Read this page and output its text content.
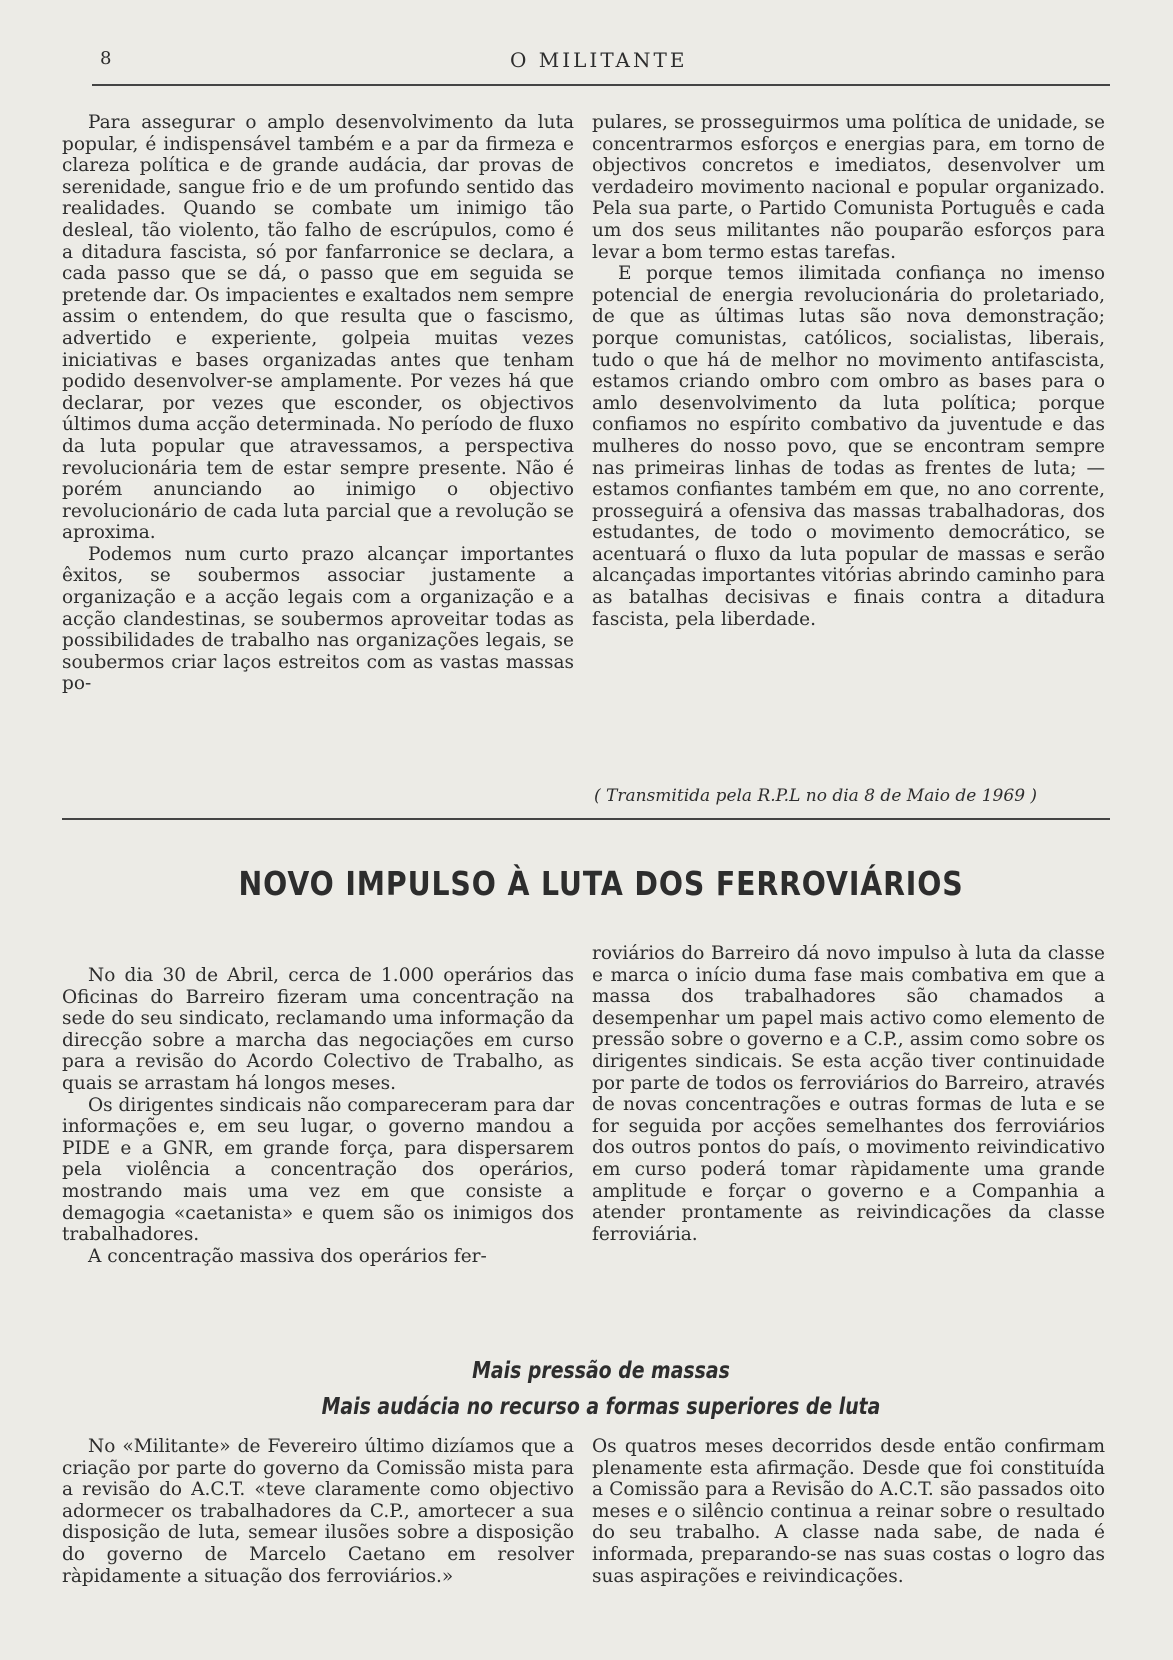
8	O MILITANTE

Para assegurar o amplo desenvolvimento da luta popular, é indispensável também e a par da firmeza e clareza política e de grande audácia, dar provas de serenidade, sangue frio e de um profundo sentido das realidades. Quando se combate um inimigo tão desleal, tão violento, tão falho de escrúpulos, como é a ditadura fascista, só por fanfarronice se declara, a cada passo que se dá, o passo que em seguida se pretende dar. Os impacientes e exaltados nem sempre assim o entendem, do que resulta que o fascismo, advertido e experiente, golpeia muitas vezes iniciativas e bases organizadas antes que tenham podido desenvolver-se amplamente. Por vezes há que declarar, por vezes que esconder, os objectivos últimos duma acção determinada. No período de fluxo da luta popular que atravessamos, a perspectiva revolucionária tem de estar sempre presente. Não é porém anunciando ao inimigo o objectivo revolucionário de cada luta parcial que a revolução se aproxima.

Podemos num curto prazo alcançar importantes êxitos, se soubermos associar justamente a organização e a acção legais com a organização e a acção clandestinas, se soubermos aproveitar todas as possibilidades de trabalho nas organizações legais, se soubermos criar laços estreitos com as vastas massas po-

pulares, se prosseguirmos uma política de unidade, se concentrarmos esforços e energias para, em torno de objectivos concretos e imediatos, desenvolver um verdadeiro movimento nacional e popular organizado. Pela sua parte, o Partido Comunista Português e cada um dos seus militantes não pouparão esforços para levar a bom termo estas tarefas.

E porque temos ilimitada confiança no imenso potencial de energia revolucionária do proletariado, de que as últimas lutas são nova demonstração; porque comunistas, católicos, socialistas, liberais, tudo o que há de melhor no movimento antifascista, estamos criando ombro com ombro as bases para o amlo desenvolvimento da luta política; porque confiamos no espírito combativo da juventude e das mulheres do nosso povo, que se encontram sempre nas primeiras linhas de todas as frentes de luta; — estamos confiantes também em que, no ano corrente, prosseguirá a ofensiva das massas trabalhadoras, dos estudantes, de todo o movimento democrático, se acentuará o fluxo da luta popular de massas e serão alcançadas importantes vitórias abrindo caminho para as batalhas decisivas e finais contra a ditadura fascista, pela liberdade.

( Transmitida pela R.P.L no dia 8 de Maio de 1969 )
NOVO IMPULSO À LUTA DOS FERROVIÁRIOS

No dia 30 de Abril, cerca de 1.000 operários das Oficinas do Barreiro fizeram uma concentração na sede do seu sindicato, reclamando uma informação da direcção sobre a marcha das negociações em curso para a revisão do Acordo Colectivo de Trabalho, as quais se arrastam há longos meses.

Os dirigentes sindicais não compareceram para dar informações e, em seu lugar, o governo mandou a PIDE e a GNR, em grande força, para dispersarem pela violência a concentração dos operários, mostrando mais uma vez em que consiste a demagogia «caetanista» e quem são os inimigos dos trabalhadores.

A concentração massiva dos operários fer-

roviários do Barreiro dá novo impulso à luta da classe e marca o início duma fase mais combativa em que a massa dos trabalhadores são chamados a desempenhar um papel mais activo como elemento de pressão sobre o governo e a C.P., assim como sobre os dirigentes sindicais. Se esta acção tiver continuidade por parte de todos os ferroviários do Barreiro, através de novas concentrações e outras formas de luta e se for seguida por acções semelhantes dos ferroviários dos outros pontos do país, o movimento reivindicativo em curso poderá tomar ràpidamente uma grande amplitude e forçar o governo e a Companhia a atender prontamente as reivindicações da classe ferroviária.

Mais pressão de massas
Mais audácia no recurso a formas superiores de luta

No «Militante» de Fevereiro último dizíamos que a criação por parte do governo da Comissão mista para a revisão do A.C.T. «teve claramente como objectivo adormecer os trabalhadores da C.P., amortecer a sua disposição de luta, semear ilusões sobre a disposição do governo de Marcelo Caetano em resolver ràpidamente a situação dos ferroviários.»

Os quatros meses decorridos desde então confirmam plenamente esta afirmação. Desde que foi constituída a Comissão para a Revisão do A.C.T. são passados oito meses e o silêncio continua a reinar sobre o resultado do seu trabalho. A classe nada sabe, de nada é informada, preparando-se nas suas costas o logro das suas aspirações e reivindicações.
